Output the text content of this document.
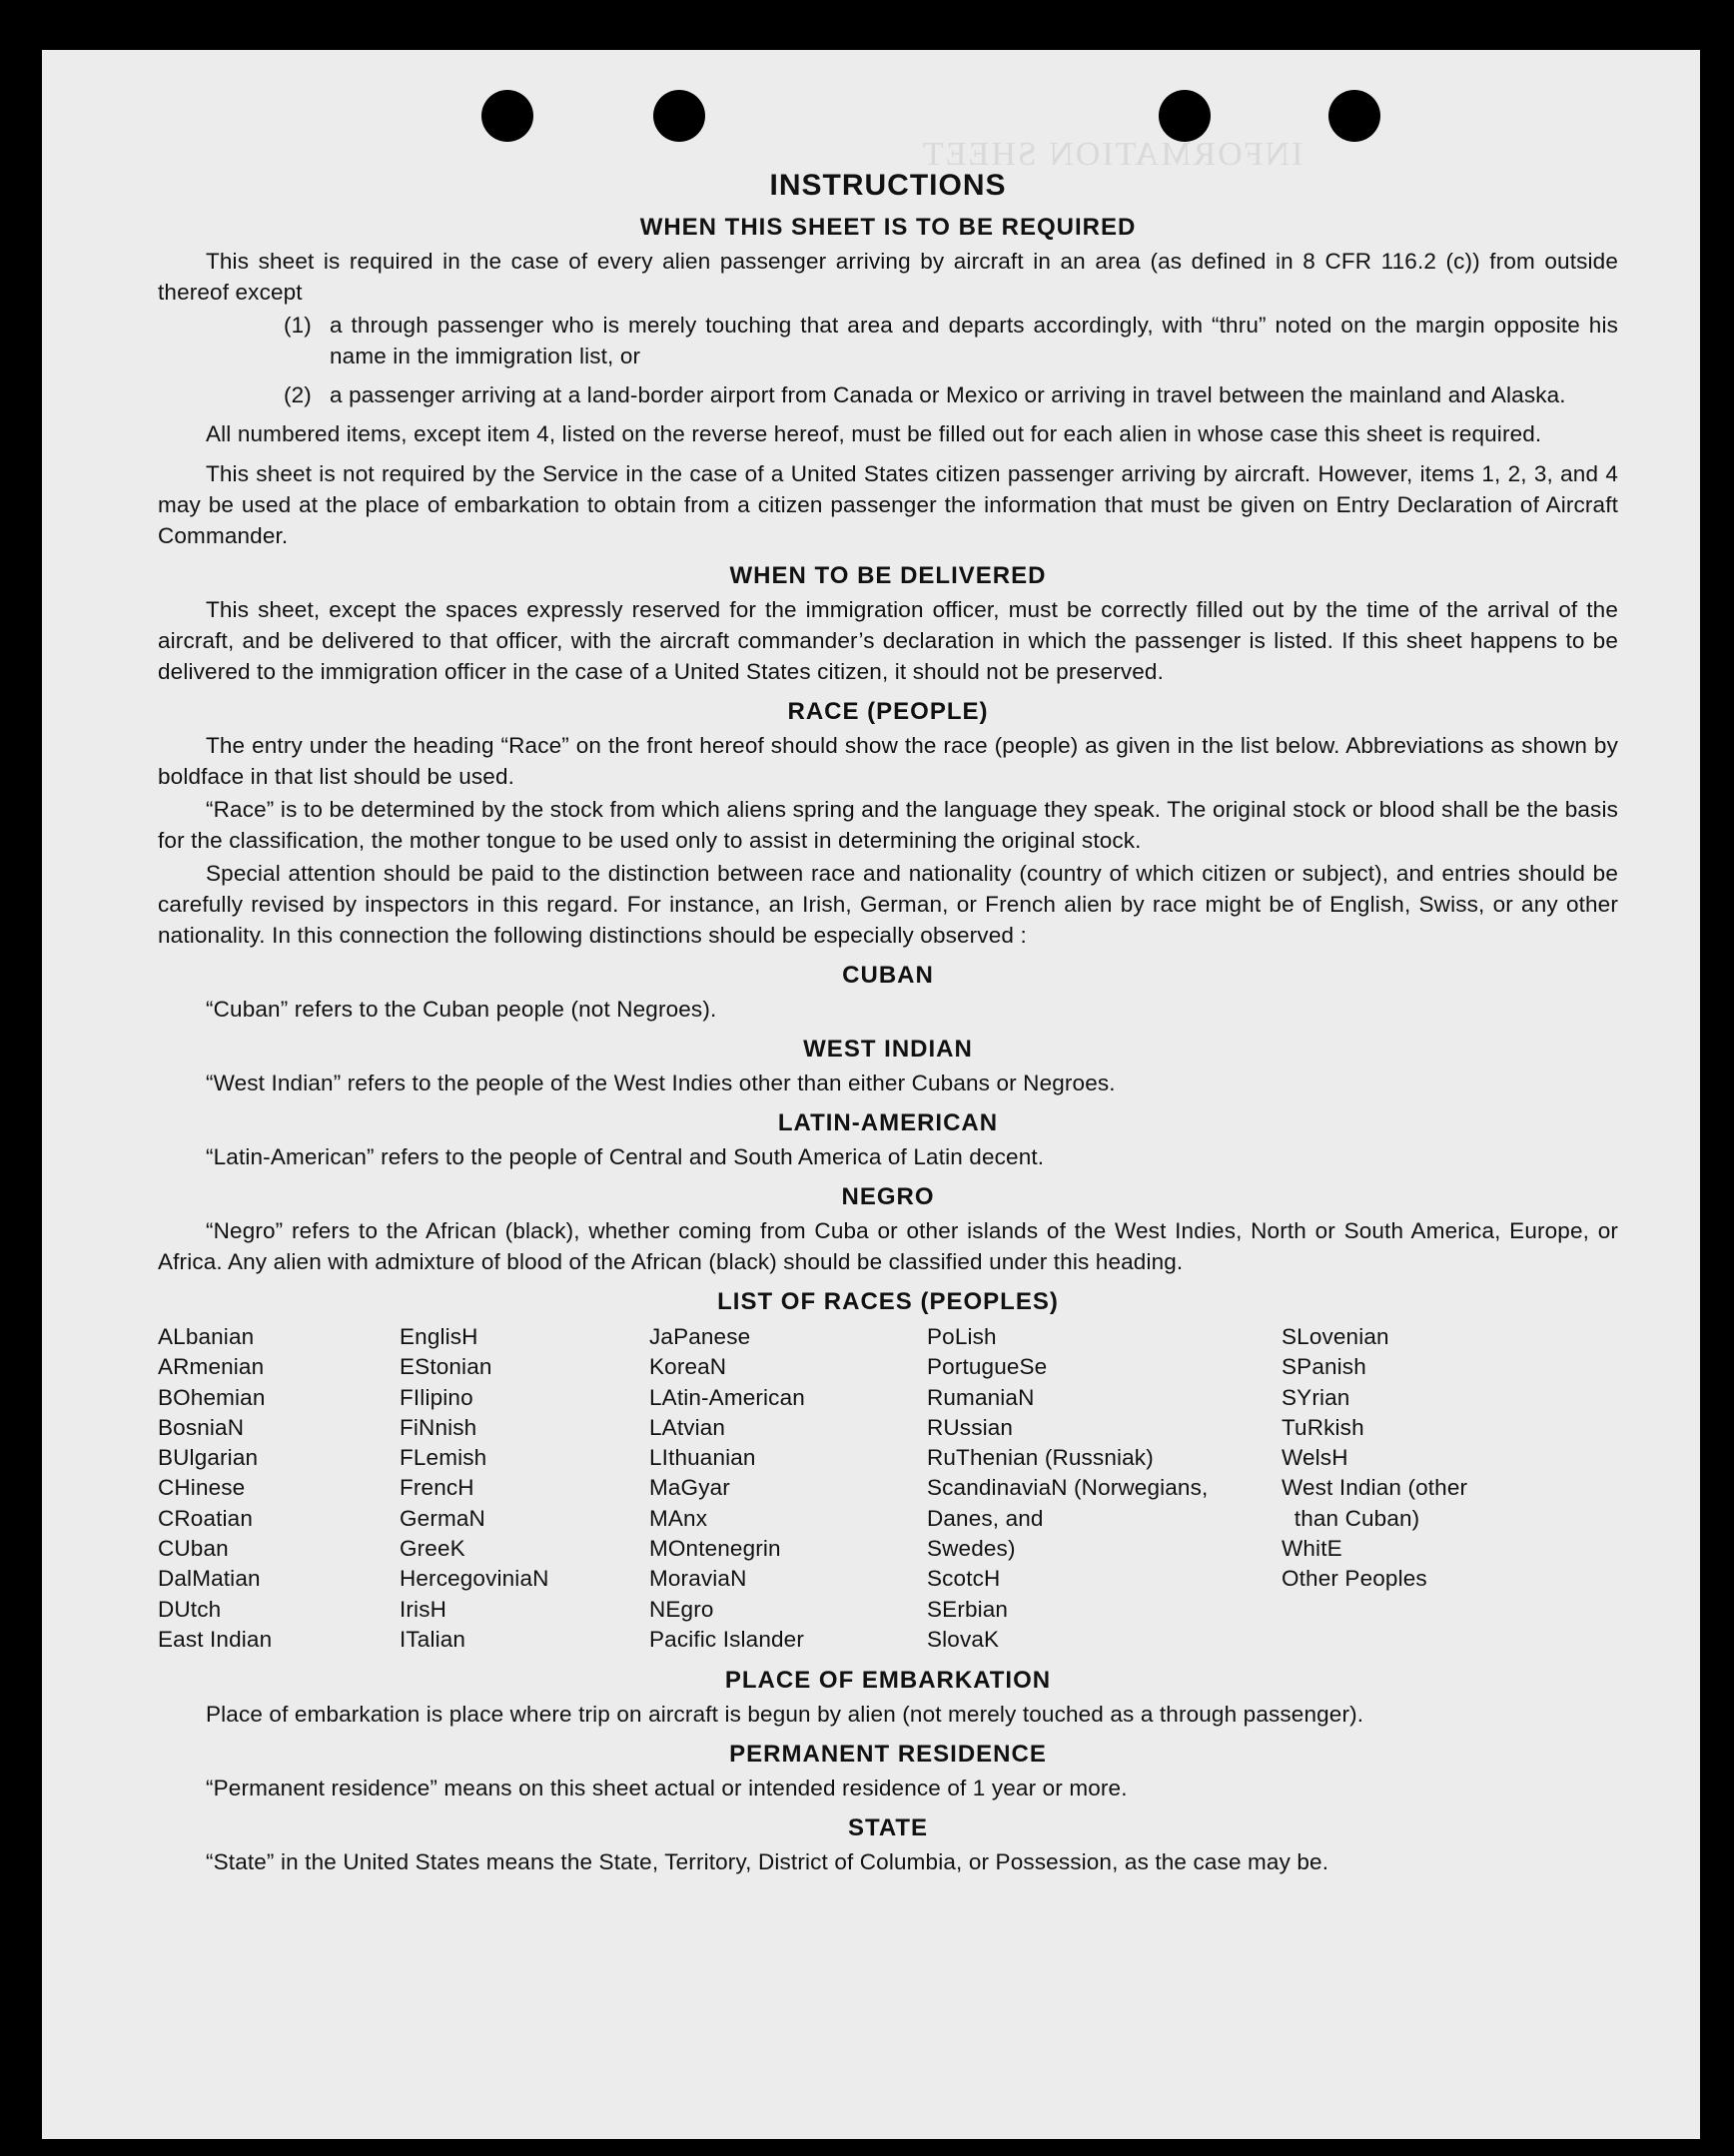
INFORMATION SHEET
INSTRUCTIONS
WHEN THIS SHEET IS TO BE REQUIRED

This sheet is required in the case of every alien passenger arriving by aircraft in an area (as defined in 8 CFR 116.2 (c)) from outside thereof except

(1) a through passenger who is merely touching that area and departs accordingly, with “thru” noted on the margin opposite his name in the immigration list, or
(2) a passenger arriving at a land-border airport from Canada or Mexico or arriving in travel between the mainland and Alaska.

All numbered items, except item 4, listed on the reverse hereof, must be filled out for each alien in whose case this sheet is required.

This sheet is not required by the Service in the case of a United States citizen passenger arriving by aircraft. However, items 1, 2, 3, and 4 may be used at the place of embarkation to obtain from a citizen passenger the information that must be given on Entry Declaration of Aircraft Commander.

WHEN TO BE DELIVERED

This sheet, except the spaces expressly reserved for the immigration officer, must be correctly filled out by the time of the arrival of the aircraft, and be delivered to that officer, with the aircraft commander’s declaration in which the passenger is listed. If this sheet happens to be delivered to the immigration officer in the case of a United States citizen, it should not be preserved.

RACE (PEOPLE)

The entry under the heading “Race” on the front hereof should show the race (people) as given in the list below. Abbreviations as shown by boldface in that list should be used.

“Race” is to be determined by the stock from which aliens spring and the language they speak. The original stock or blood shall be the basis for the classification, the mother tongue to be used only to assist in determining the original stock.

Special attention should be paid to the distinction between race and nationality (country of which citizen or subject), and entries should be carefully revised by inspectors in this regard. For instance, an Irish, German, or French alien by race might be of English, Swiss, or any other nationality. In this connection the following distinctions should be especially observed :

CUBAN

“Cuban” refers to the Cuban people (not Negroes).

WEST INDIAN

“West Indian” refers to the people of the West Indies other than either Cubans or Negroes.

LATIN-AMERICAN

“Latin-American” refers to the people of Central and South America of Latin decent.

NEGRO

“Negro” refers to the African (black), whether coming from Cuba or other islands of the West Indies, North or South America, Europe, or Africa. Any alien with admixture of blood of the African (black) should be classified under this heading.

LIST OF RACES (PEOPLES)
ALbanian
ARmenian
BOhemian
BosniaN
BUlgarian
CHinese
CRoatian
CUban
DalMatian
DUtch
East Indian
EnglisH
EStonian
FIlipino
FiNnish
FLemish
FrencH
GermaN
GreeK
HercegoviniaN
IrisH
ITalian
JaPanese
KoreaN
LAtin-American
LAtvian
LIthuanian
MaGyar
MAnx
MOntenegrin
MoraviaN
NEgro
Pacific Islander
PoLish
PortugueSe
RumaniaN
RUssian
RuThenian (Russniak)
ScandinaviaN (Norwegians,
Danes, and
Swedes)
ScotcH
SErbian
SlovaK
SLovenian
SPanish
SYrian
TuRkish
WelsH
West Indian (other
than Cuban)
WhitE
Other Peoples
PLACE OF EMBARKATION

Place of embarkation is place where trip on aircraft is begun by alien (not merely touched as a through passenger).

PERMANENT RESIDENCE

“Permanent residence” means on this sheet actual or intended residence of 1 year or more.

STATE

“State” in the United States means the State, Territory, District of Columbia, or Possession, as the case may be.
